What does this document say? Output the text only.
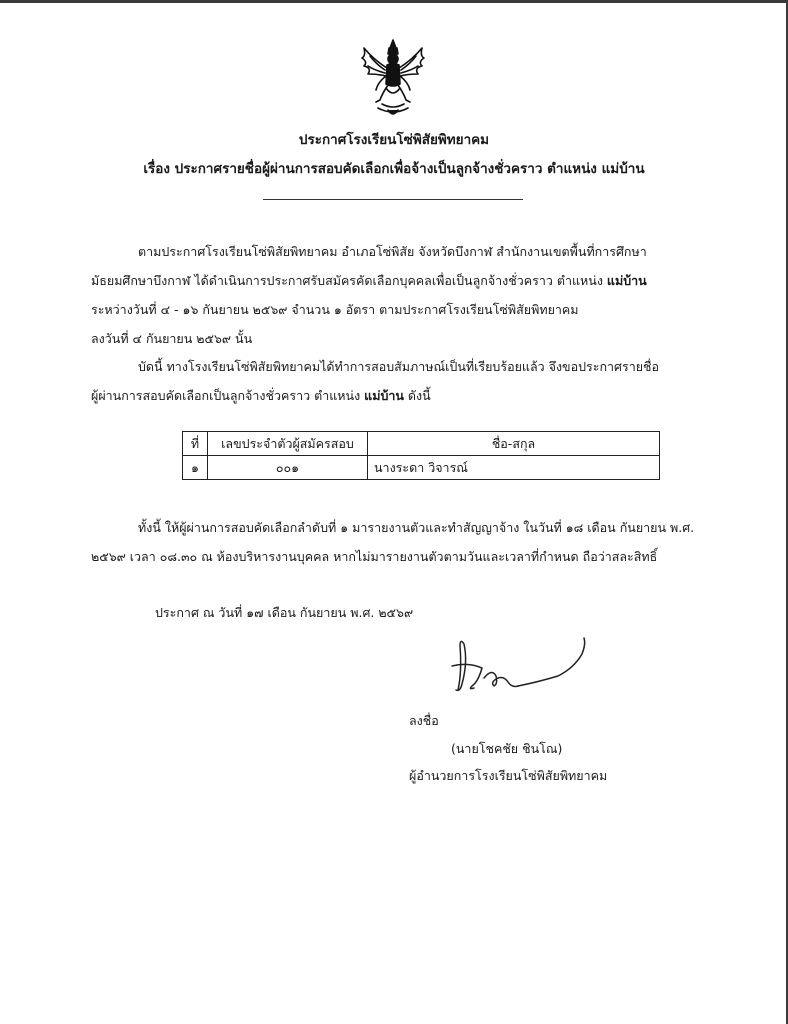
ประกาศโรงเรียนโซ่พิสัยพิทยาคม
เรื่อง ประกาศรายชื่อผู้ผ่านการสอบคัดเลือกเพื่อจ้างเป็นลูกจ้างชั่วคราว ตำแหน่ง แม่บ้าน
ตามประกาศโรงเรียนโซ่พิสัยพิทยาคม อำเภอโซ่พิสัย จังหวัดบึงกาฬ สำนักงานเขตพื้นที่การศึกษา
มัธยมศึกษาบึงกาฬ ได้ดำเนินการประกาศรับสมัครคัดเลือกบุคคลเพื่อเป็นลูกจ้างชั่วคราว ตำแหน่ง แม่บ้าน
ระหว่างวันที่ ๔ - ๑๖ กันยายน ๒๕๖๙ จำนวน ๑ อัตรา ตามประกาศโรงเรียนโซ่พิสัยพิทยาคม
ลงวันที่ ๔ กันยายน ๒๕๖๙ นั้น
บัดนี้ ทางโรงเรียนโซ่พิสัยพิทยาคมได้ทำการสอบสัมภาษณ์เป็นที่เรียบร้อยแล้ว จึงขอประกาศรายชื่อ
ผู้ผ่านการสอบคัดเลือกเป็นลูกจ้างชั่วคราว ตำแหน่ง แม่บ้าน ดังนี้
ที่	เลขประจำตัวผู้สมัครสอบ	ชื่อ-สกุล
๑	๐๐๑	นางระดา วิจารณ์
ทั้งนี้ ให้ผู้ผ่านการสอบคัดเลือกลำดับที่ ๑ มารายงานตัวและทำสัญญาจ้าง ในวันที่ ๑๘ เดือน กันยายน พ.ศ.
๒๕๖๙ เวลา ๐๘.๓๐ ณ ห้องบริหารงานบุคคล หากไม่มารายงานตัวตามวันและเวลาที่กำหนด ถือว่าสละสิทธิ์
ประกาศ ณ วันที่ ๑๗ เดือน กันยายน พ.ศ. ๒๕๖๙
ลงชื่อ
(นายโชคชัย ชินโณ)
ผู้อำนวยการโรงเรียนโซ่พิสัยพิทยาคม
